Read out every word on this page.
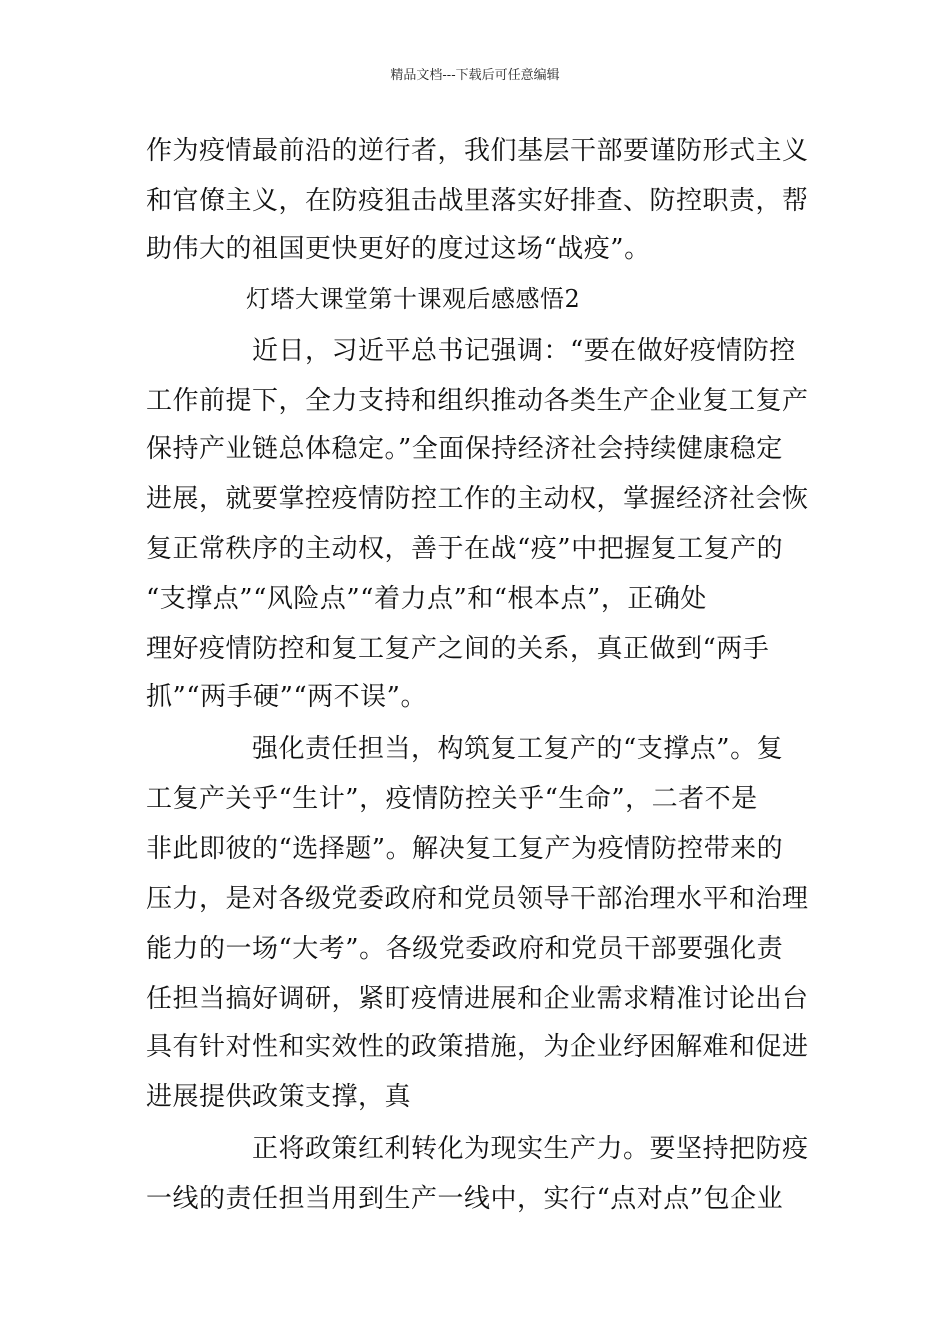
精品文档---下载后可任意编辑
作为疫情最前沿的逆行者，我们基层干部要谨防形式主义
和官僚主义，在防疫狙击战里落实好排查、防控职责，帮
助伟大的祖国更快更好的度过这场“战疫”。
灯塔大课堂第十课观后感感悟2
近日，习近平总书记强调：“要在做好疫情防控
工作前提下，全力支持和组织推动各类生产企业复工复产
保持产业链总体稳定。”全面保持经济社会持续健康稳定
进展，就要掌控疫情防控工作的主动权，掌握经济社会恢
复正常秩序的主动权，善于在战“疫”中把握复工复产的
“支撑点”“风险点”“着力点”和“根本点”，正确处
理好疫情防控和复工复产之间的关系，真正做到“两手
抓”“两手硬”“两不误”。
强化责任担当，构筑复工复产的“支撑点”。复
工复产关乎“生计”，疫情防控关乎“生命”，二者不是
非此即彼的“选择题”。解决复工复产为疫情防控带来的
压力，是对各级党委政府和党员领导干部治理水平和治理
能力的一场“大考”。各级党委政府和党员干部要强化责
任担当搞好调研，紧盯疫情进展和企业需求精准讨论出台
具有针对性和实效性的政策措施，为企业纾困解难和促进
进展提供政策支撑，真
正将政策红利转化为现实生产力。要坚持把防疫
一线的责任担当用到生产一线中，实行“点对点”包企业
